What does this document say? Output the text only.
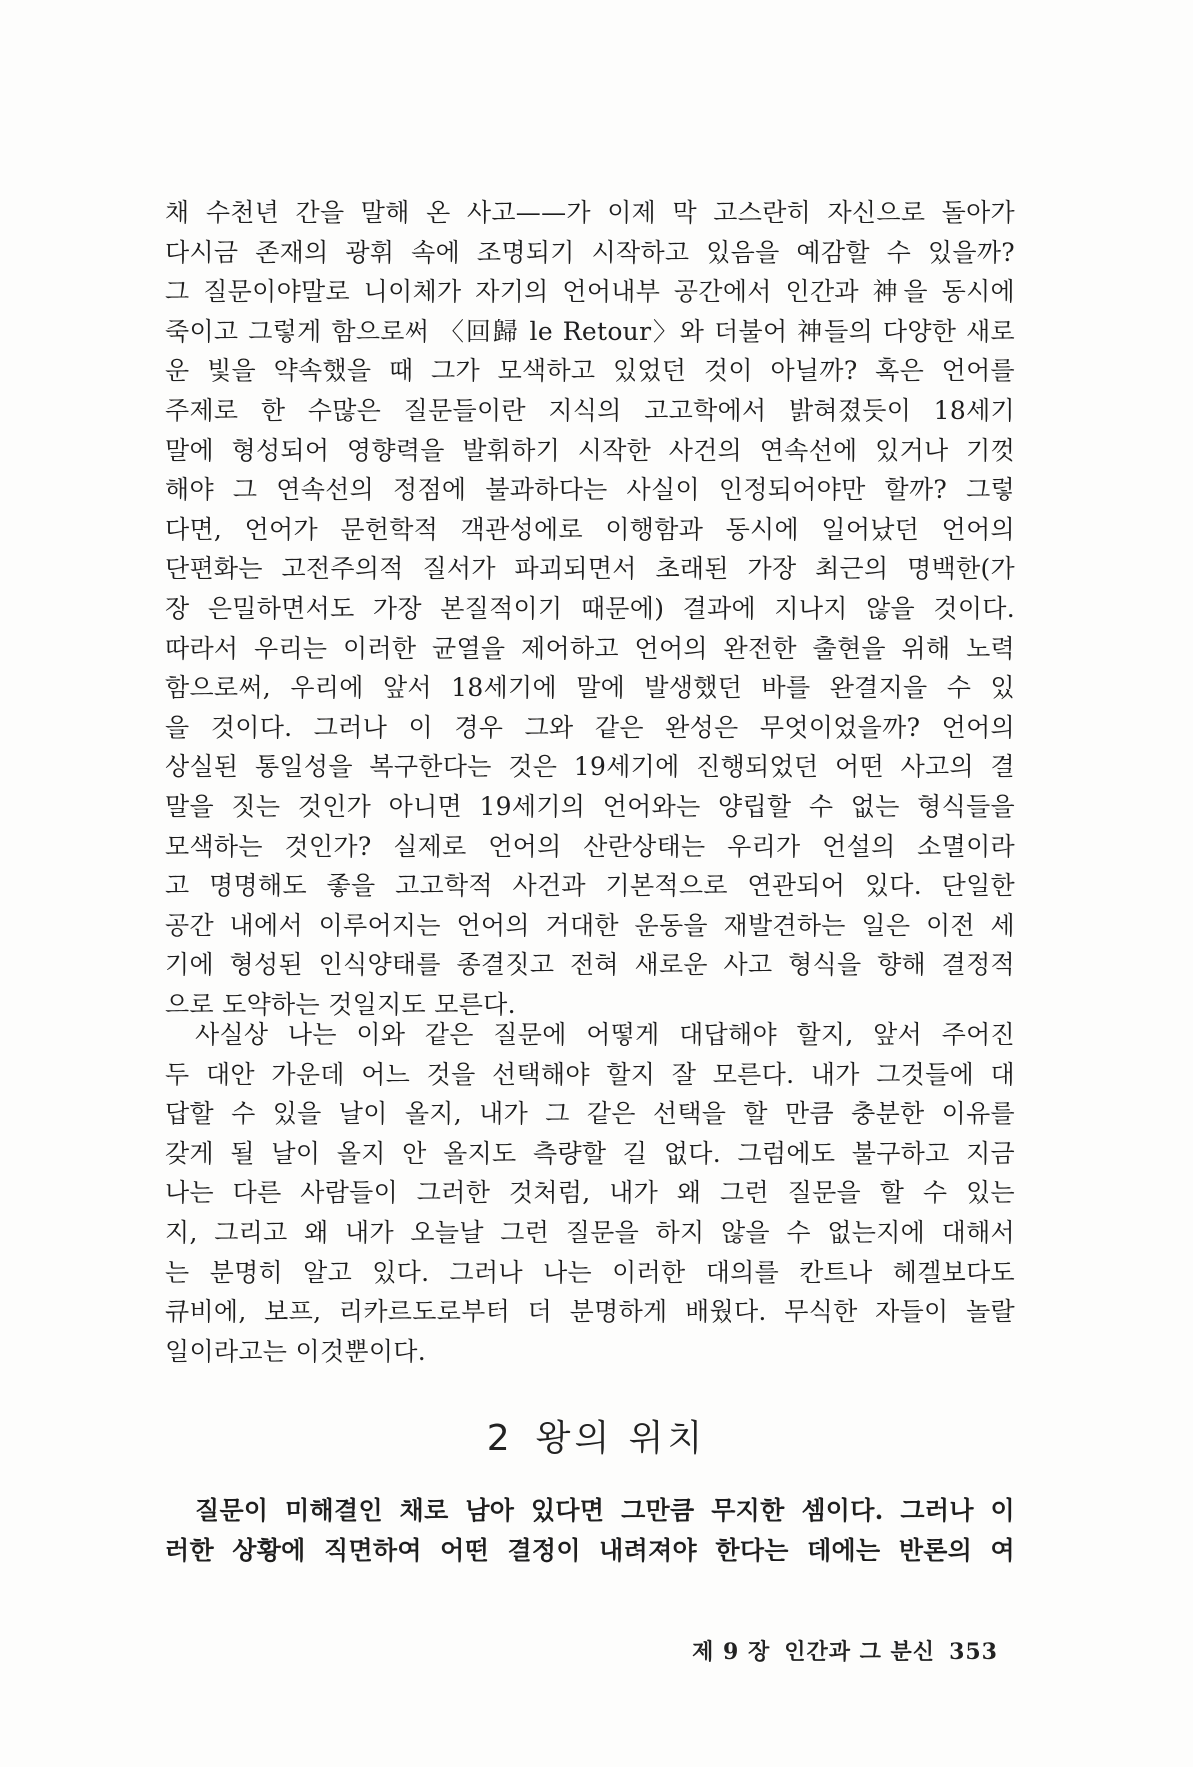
채 수천년 간을 말해 온 사고——가 이제 막 고스란히 자신으로 돌아가
다시금 존재의 광휘 속에 조명되기 시작하고 있음을 예감할 수 있을까?
그 질문이야말로 니이체가 자기의 언어내부 공간에서 인간과 神을 동시에
죽이고 그렇게 함으로써 〈回歸 le Retour〉와 더불어 神들의 다양한 새로
운 빛을 약속했을 때 그가 모색하고 있었던 것이 아닐까? 혹은 언어를
주제로 한 수많은 질문들이란 지식의 고고학에서 밝혀졌듯이 18세기
말에 형성되어 영향력을 발휘하기 시작한 사건의 연속선에 있거나 기껏
해야 그 연속선의 정점에 불과하다는 사실이 인정되어야만 할까? 그렇
다면, 언어가 문헌학적 객관성에로 이행함과 동시에 일어났던 언어의
단편화는 고전주의적 질서가 파괴되면서 초래된 가장 최근의 명백한(가
장 은밀하면서도 가장 본질적이기 때문에) 결과에 지나지 않을 것이다.
따라서 우리는 이러한 균열을 제어하고 언어의 완전한 출현을 위해 노력
함으로써, 우리에 앞서 18세기에 말에 발생했던 바를 완결지을 수 있
을 것이다. 그러나 이 경우 그와 같은 완성은 무엇이었을까? 언어의
상실된 통일성을 복구한다는 것은 19세기에 진행되었던 어떤 사고의 결
말을 짓는 것인가 아니면 19세기의 언어와는 양립할 수 없는 형식들을
모색하는 것인가? 실제로 언어의 산란상태는 우리가 언설의 소멸이라
고 명명해도 좋을 고고학적 사건과 기본적으로 연관되어 있다. 단일한
공간 내에서 이루어지는 언어의 거대한 운동을 재발견하는 일은 이전 세
기에 형성된 인식양태를 종결짓고 전혀 새로운 사고 형식을 향해 결정적
으로 도약하는 것일지도 모른다.
사실상 나는 이와 같은 질문에 어떻게 대답해야 할지, 앞서 주어진
두 대안 가운데 어느 것을 선택해야 할지 잘 모른다. 내가 그것들에 대
답할 수 있을 날이 올지, 내가 그 같은 선택을 할 만큼 충분한 이유를
갖게 될 날이 올지 안 올지도 측량할 길 없다. 그럼에도 불구하고 지금
나는 다른 사람들이 그러한 것처럼, 내가 왜 그런 질문을 할 수 있는
지, 그리고 왜 내가 오늘날 그런 질문을 하지 않을 수 없는지에 대해서
는 분명히 알고 있다. 그러나 나는 이러한 대의를 칸트나 헤겔보다도
큐비에, 보프, 리카르도로부터 더 분명하게 배웠다. 무식한 자들이 놀랄
일이라고는 이것뿐이다.
2 왕의 위치
질문이 미해결인 채로 남아 있다면 그만큼 무지한 셈이다. 그러나 이
러한 상황에 직면하여 어떤 결정이 내려져야 한다는 데에는 반론의 여
제 9 장 인간과 그 분신 353
